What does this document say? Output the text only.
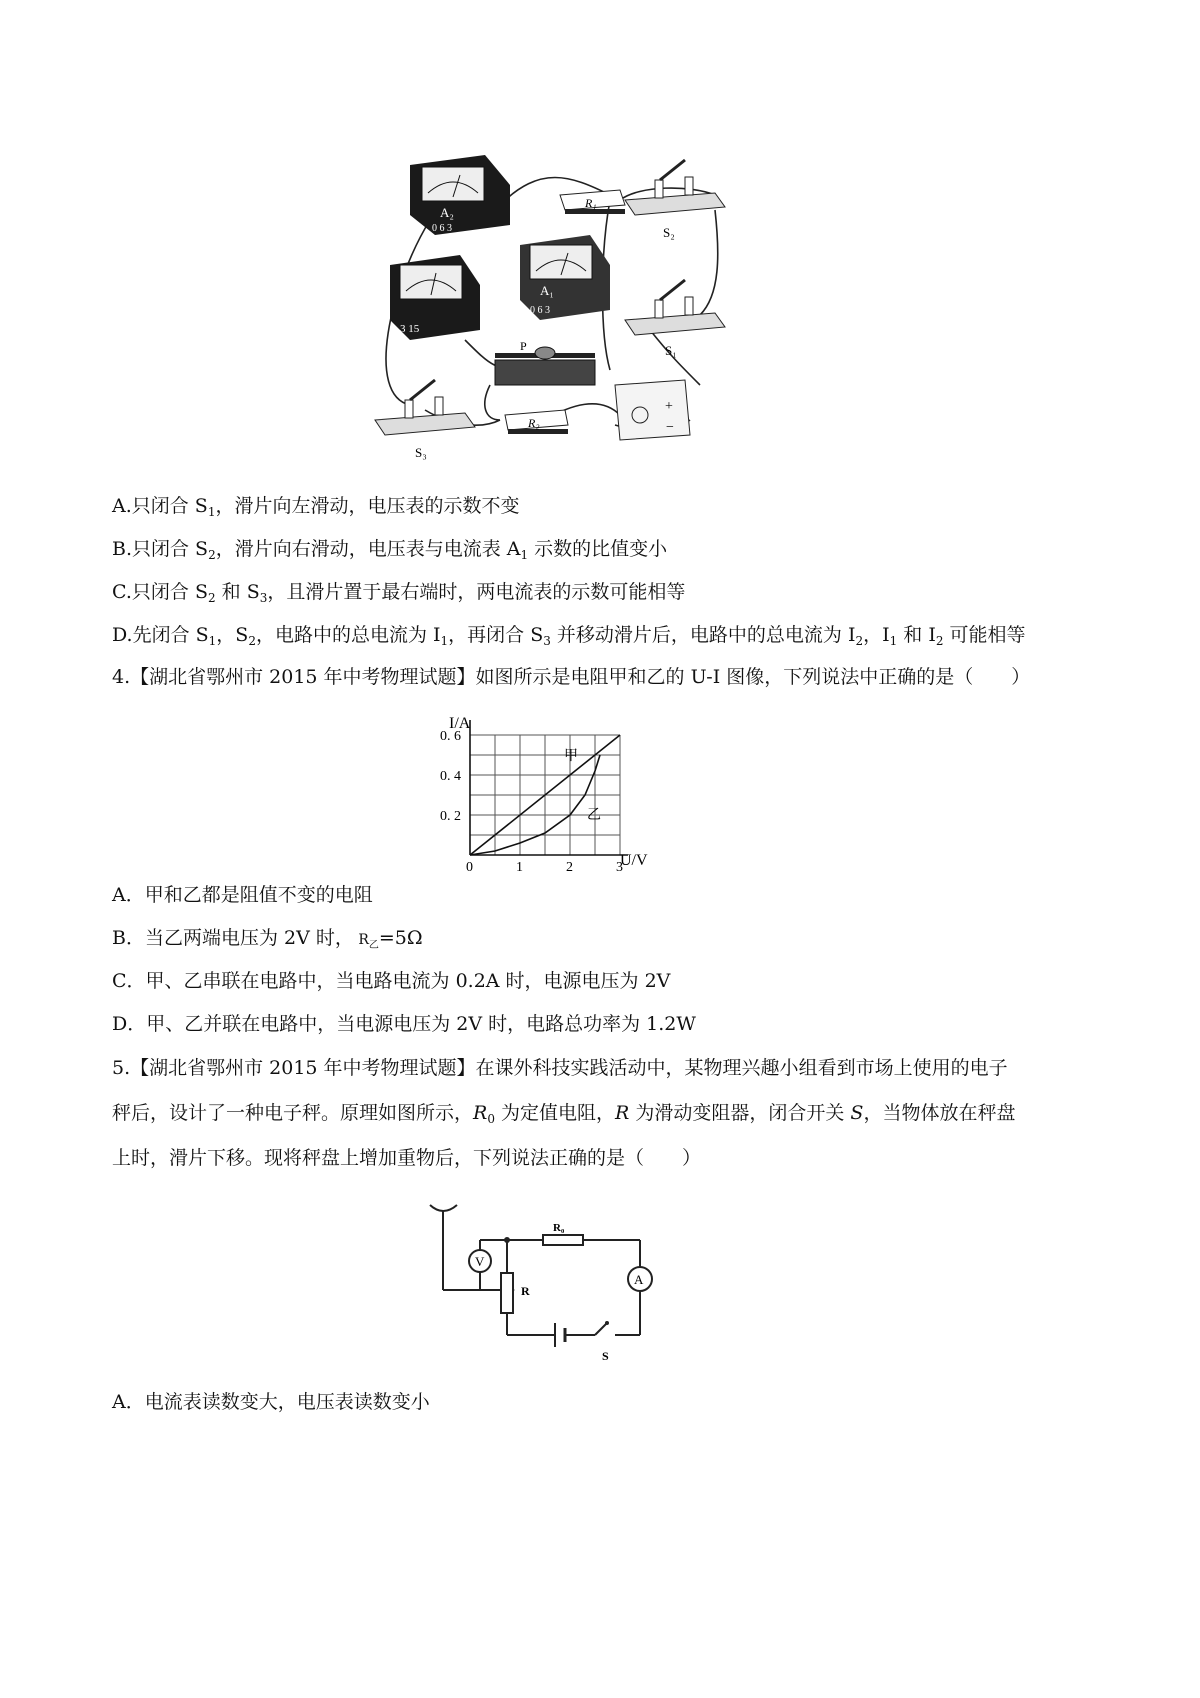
A₂
0 6 3
3 15
A₁
0 6 3
R₁
S₂
S₁
P
+
−
S₃
R₂
A.只闭合 $S_1$，滑片向左滑动，电压表的示数不变
B.只闭合 $S_2$，滑片向右滑动，电压表与电流表 $A_1$ 示数的比值变小
C.只闭合 $S_2$ 和 $S_3$，且滑片置于最右端时，两电流表的示数可能相等
D.先闭合 $S_1$，$S_2$，电路中的总电流为 $I_1$，再闭合 $S_3$ 并移动滑片后，电路中的总电流为 $I_2$，$I_1$ 和 $I_2$ 可能相等
4.【湖北省鄂州市 2015 年中考物理试题】如图所示是电阻甲和乙的 U-I 图像，下列说法中正确的是（　　）
甲
乙
0	1	2	3
0. 6
0. 4
0. 2
I/A
U/V
A．甲和乙都是阻值不变的电阻
B．当乙两端电压为 2V 时， $R_乙=5\Omega$
C．甲、乙串联在电路中，当电路电流为 0.2A 时，电源电压为 2V
D．甲、乙并联在电路中，当电源电压为 2V 时，电路总功率为 1.2W
5.【湖北省鄂州市 2015 年中考物理试题】在课外科技实践活动中，某物理兴趣小组看到市场上使用的电子
秤后，设计了一种电子秤。原理如图所示，$R_0$ 为定值电阻，R 为滑动变阻器，闭合开关 S，当物体放在秤盘
上时，滑片下移。现将秤盘上增加重物后，下列说法正确的是（　　）
V
A
R
R₀
S
A．电流表读数变大，电压表读数变小
